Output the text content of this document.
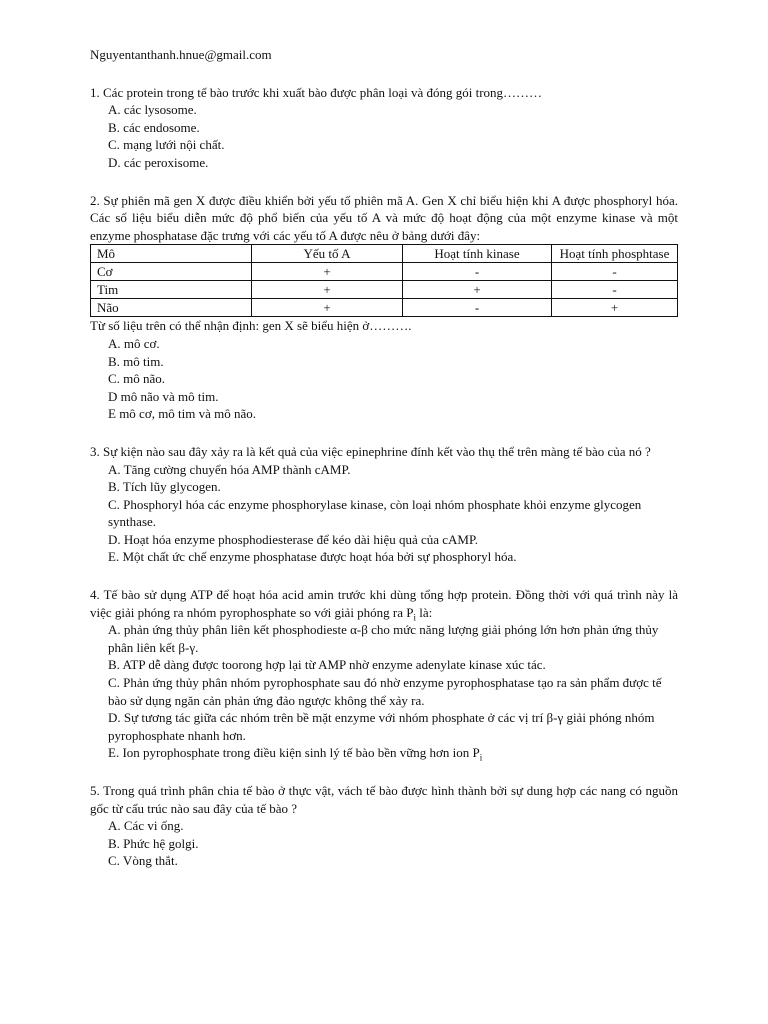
Nguyentanthanh.hnue@gmail.com
1. Các protein trong tế bào trước khi xuất bào được phân loại và đóng gói trong………
A. các lysosome.
B. các endosome.
C. mạng lưới nội chất.
D. các peroxisome.
2. Sự phiên mã gen X được điều khiển bởi yếu tố phiên mã A. Gen X chỉ biểu hiện khi A được phosphoryl hóa. Các số liệu biểu diễn mức độ phổ biến của yếu tố A và mức độ hoạt động của một enzyme kinase và một enzyme phosphatase đặc trưng với các yếu tố A được nêu ở bảng dưới đây:
Mô	Yếu tố A	Hoạt tính kinase	Hoạt tính phosphtase
Cơ	+	-	-
Tim	+	+	-
Não	+	-	+
Từ số liệu trên có thể nhận định: gen X sẽ biểu hiện ở……….
A. mô cơ.
B. mô tim.
C. mô não.
D mô não và mô tim.
E mô cơ, mô tim và mô não.
3. Sự kiện nào sau đây xảy ra là kết quả của việc epinephrine đính kết vào thụ thể trên màng tế bào của nó ?
A. Tăng cường chuyển hóa AMP thành cAMP.
B. Tích lũy glycogen.
C. Phosphoryl hóa các enzyme phosphorylase kinase, còn loại nhóm phosphate khỏi enzyme glycogen synthase.
D. Hoạt hóa enzyme phosphodiesterase để kéo dài hiệu quả của cAMP.
E. Một chất ức chế enzyme phosphatase được hoạt hóa bởi sự phosphoryl hóa.
4. Tế bào sử dụng ATP để hoạt hóa acid amin trước khi dùng tổng hợp protein. Đồng thời với quá trình này là việc giải phóng ra nhóm pyrophosphate so với giải phóng ra $P_i$ là:
A. phản ứng thủy phân liên kết phosphodieste α-β cho mức năng lượng giải phóng lớn hơn phản ứng thủy phân liên kết β-γ.
B. ATP dễ dàng được toorong hợp lại từ AMP nhờ enzyme adenylate kinase xúc tác.
C. Phản ứng thủy phân nhóm pyrophosphate sau đó nhờ enzyme pyrophosphatase tạo ra sản phẩm được tế bào sử dụng ngăn cản phản ứng đảo ngược không thể xảy ra.
D. Sự tương tác giữa các nhóm trên bề mặt enzyme với nhóm phosphate ở các vị trí β-γ giải phóng nhóm pyrophosphate nhanh hơn.
E. Ion pyrophosphate trong điều kiện sinh lý tế bào bền vững hơn ion $P_i$
5. Trong quá trình phân chia tế bào ở thực vật, vách tế bào được hình thành bởi sự dung hợp các nang có nguồn gốc từ cấu trúc nào sau đây của tế bào ?
A. Các vi ống.
B. Phức hệ golgi.
C. Vòng thắt.
